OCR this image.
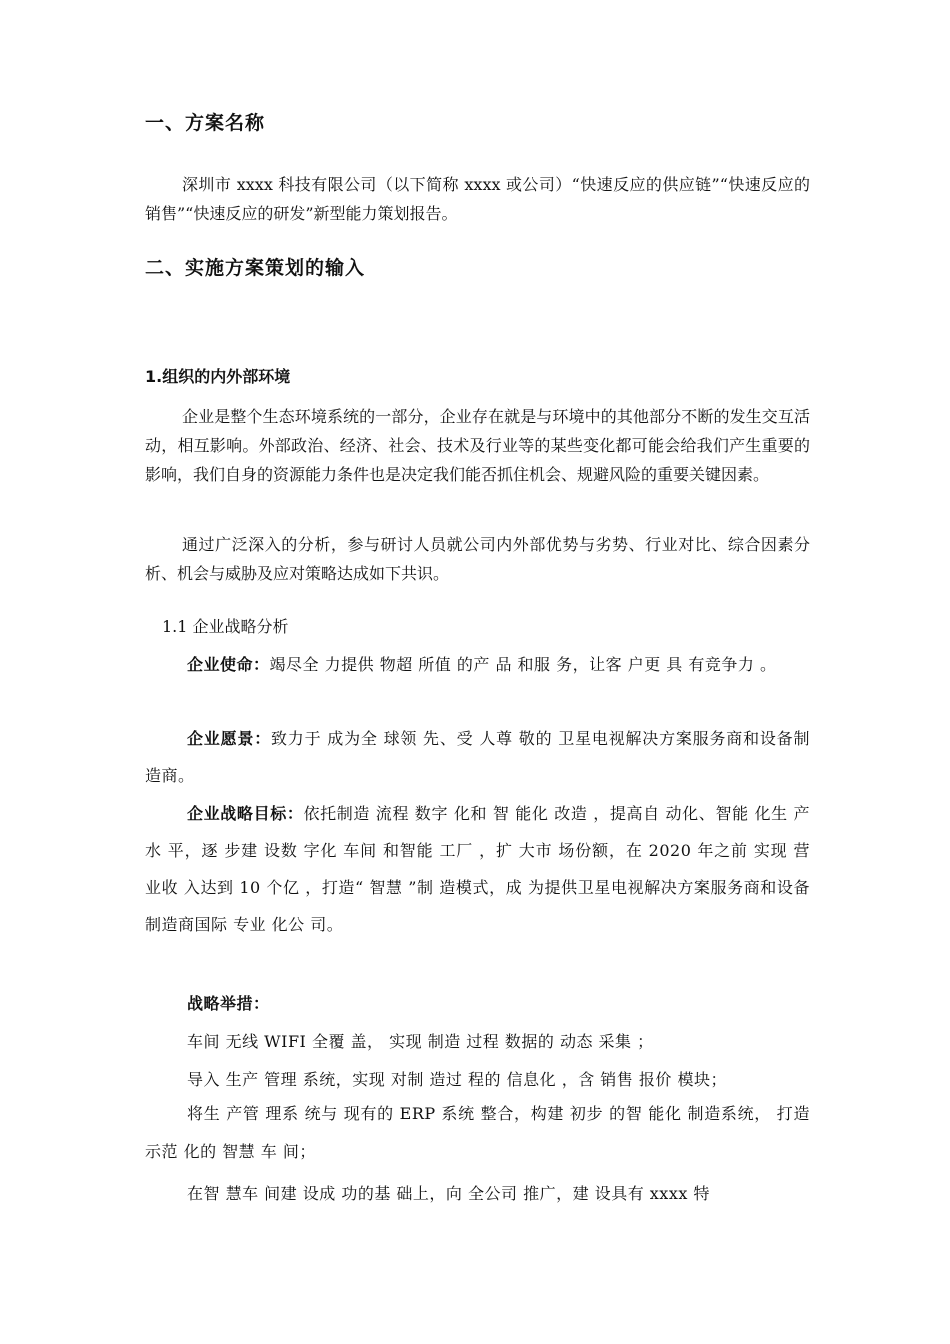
一、方案名称
深圳市 xxxx 科技有限公司（以下简称 xxxx 或公司）“快速反应的供应链”“快速反应的销售”“快速反应的研发”新型能力策划报告。
二、实施方案策划的输入
1.组织的内外部环境
企业是整个生态环境系统的一部分，企业存在就是与环境中的其他部分不断的发生交互活动，相互影响。外部政治、经济、社会、技术及行业等的某些变化都可能会给我们产生重要的影响，我们自身的资源能力条件也是决定我们能否抓住机会、规避风险的重要关键因素。
通过广泛深入的分析，参与研讨人员就公司内外部优势与劣势、行业对比、综合因素分析、机会与威胁及应对策略达成如下共识。
1.1 企业战略分析
企业使命：竭尽全 力提供 物超 所值 的产 品 和服 务，让客 户更 具 有竞争力 。
企业愿景：致力于 成为全 球领 先、受 人尊 敬的 卫星电视解决方案服务商和设备制造商。
企业战略目标：依托制造 流程 数字 化和 智 能化 改造 ，提高自 动化、智能 化生 产水 平，逐 步建 设数 字化 车间 和智能 工厂 ，扩 大市 场份额，在 2020 年之前 实现 营 业收 入达到 10 个亿 ，打造“ 智慧 ”制 造模式，成 为提供卫星电视解决方案服务商和设备制造商国际 专业 化公 司。
战略举措：
车间 无线 WIFI 全覆 盖， 实现 制造 过程 数据的 动态 采集 ；
导入 生产 管理 系统，实现 对制 造过 程的 信息化 ，含 销售 报价 模块；
将生 产管 理系 统与 现有的 ERP 系统 整合，构建 初步 的智 能化 制造系统， 打造 示范 化的 智慧 车 间；
在智 慧车 间建 设成 功的基 础上，向 全公司 推广，建 设具有 xxxx 特
